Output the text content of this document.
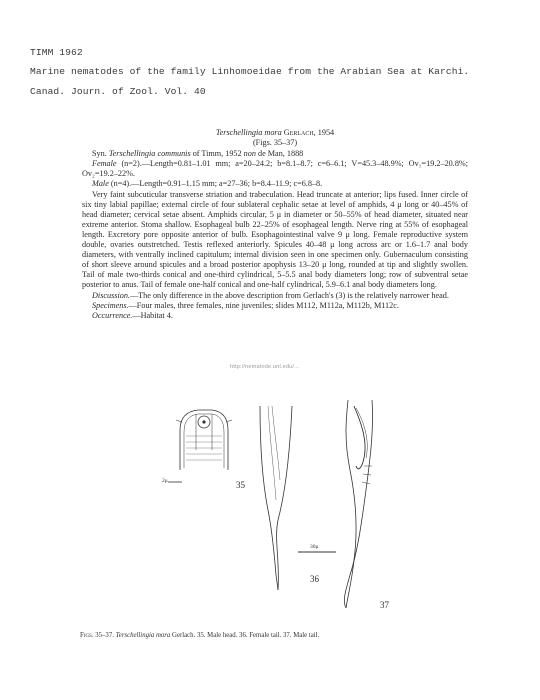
TIMM 1962
Marine nematodes of the family Linhomoeidae from the Arabian Sea at Karchi.
Canad. Journ. of Zool. Vol. 40
Terschellingia mora Gerlach, 1954
(Figs. 35–37)

Syn. Terschellingia communis of Timm, 1952 non de Man, 1888

Female (n=2).—Length=0.81–1.01 mm; a=20–24.2; b=8.1–8.7; c=6–6.1; V=45.3–48.9%; Ov₁=19.2–20.8%; Ov₂=19.2–22%.

Male (n=4).—Length=0.91–1.15 mm; a=27–36; b=8.4–11.9; c=6.8–8.

Very faint subcuticular transverse striation and trabeculation. Head truncate at anterior; lips fused. Inner circle of six tiny labial papillae; external circle of four sublateral cephalic setae at level of amphids, 4 μ long or 40–45% of head diameter; cervical setae absent. Amphids circular, 5 μ in diameter or 50–55% of head diameter, situated near extreme anterior. Stoma shallow. Esophageal bulb 22–25% of esophageal length. Nerve ring at 55% of esophageal length. Excretory pore opposite anterior of bulb. Esophagointestinal valve 9 μ long. Female reproductive system double, ovaries outstretched. Testis reflexed anteriorly. Spicules 40–48 μ long across arc or 1.6–1.7 anal body diameters, with ventrally inclined capitulum; internal division seen in one specimen only. Gubernaculum consisting of short sleeve around spicules and a broad posterior apophysis 13–20 μ long, rounded at tip and slightly swollen. Tail of male two-thirds conical and one-third cylindrical, 5–5.5 anal body diameters long; row of subventral setae posterior to anus. Tail of female one-half conical and one-half cylindrical, 5.9–6.1 anal body diameters long.

Discussion.—The only difference in the above description from Gerlach's (3) is the relatively narrower head.

Specimens.—Four males, three females, nine juveniles; slides M112, M112a, M112b, M112c.

Occurrence.—Habitat 4.

http://nematode.unl.edu/...
35
36
37
2μ
30μ
Figs. 35–37. Terschellingia mora Gerlach. 35. Male head. 36. Female tail. 37. Male tail.
